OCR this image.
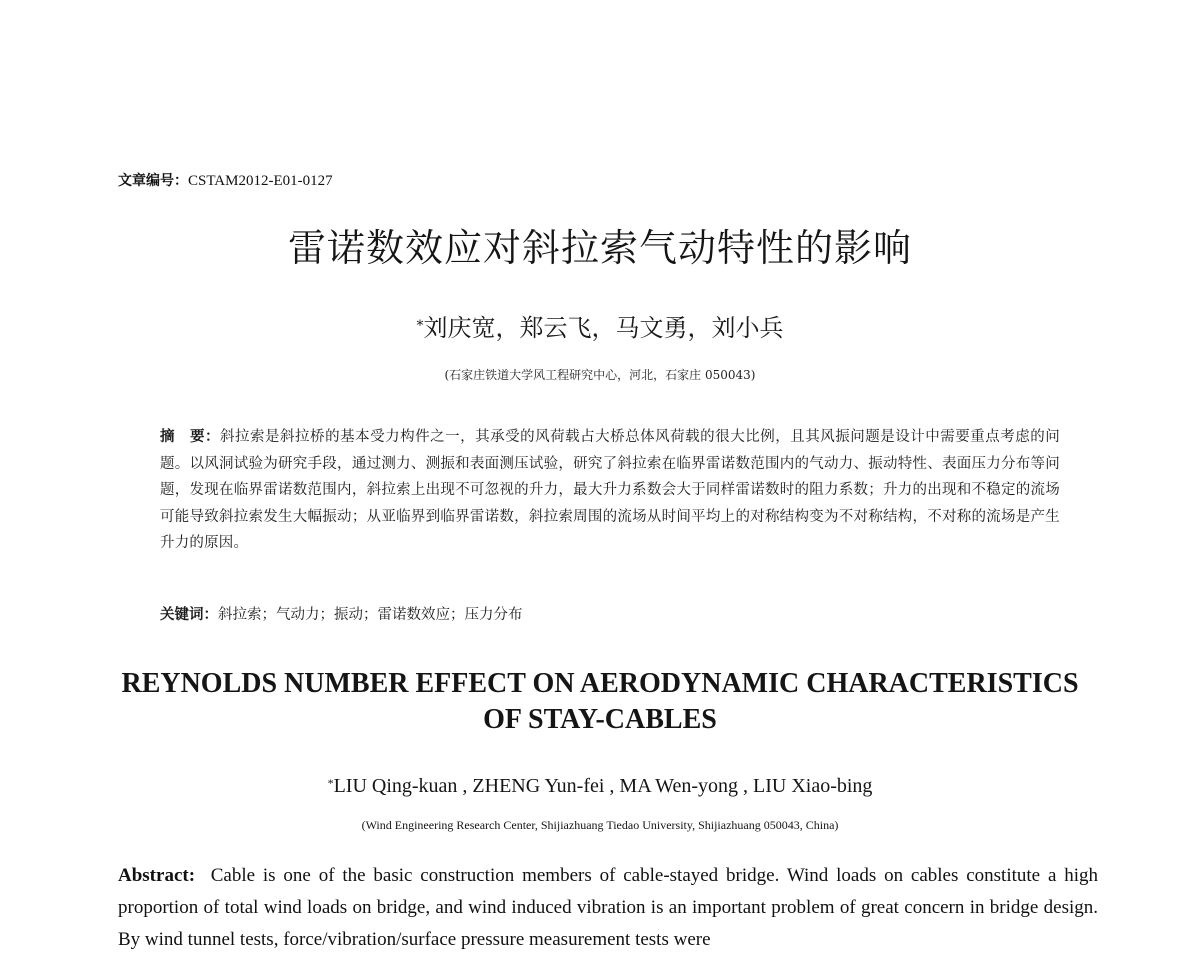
文章编号：CSTAM2012-E01-0127
雷诺数效应对斜拉索气动特性的影响
*刘庆宽，郑云飞，马文勇，刘小兵
(石家庄铁道大学风工程研究中心，河北，石家庄 050043)
摘　要：斜拉索是斜拉桥的基本受力构件之一，其承受的风荷载占大桥总体风荷载的很大比例，且其风振问题是设计中需要重点考虑的问题。以风洞试验为研究手段，通过测力、测振和表面测压试验，研究了斜拉索在临界雷诺数范围内的气动力、振动特性、表面压力分布等问题，发现在临界雷诺数范围内，斜拉索上出现不可忽视的升力，最大升力系数会大于同样雷诺数时的阻力系数；升力的出现和不稳定的流场可能导致斜拉索发生大幅振动；从亚临界到临界雷诺数，斜拉索周围的流场从时间平均上的对称结构变为不对称结构，不对称的流场是产生升力的原因。
关键词：斜拉索；气动力；振动；雷诺数效应；压力分布
REYNOLDS NUMBER EFFECT ON AERODYNAMIC CHARACTERISTICS
OF STAY-CABLES
*LIU Qing-kuan , ZHENG Yun-fei , MA Wen-yong , LIU Xiao-bing
(Wind Engineering Research Center, Shijiazhuang Tiedao University, Shijiazhuang 050043, China)
Abstract: Cable is one of the basic construction members of cable-stayed bridge. Wind loads on cables constitute a high proportion of total wind loads on bridge, and wind induced vibration is an important problem of great concern in bridge design. By wind tunnel tests, force/vibration/surface pressure measurement tests were
